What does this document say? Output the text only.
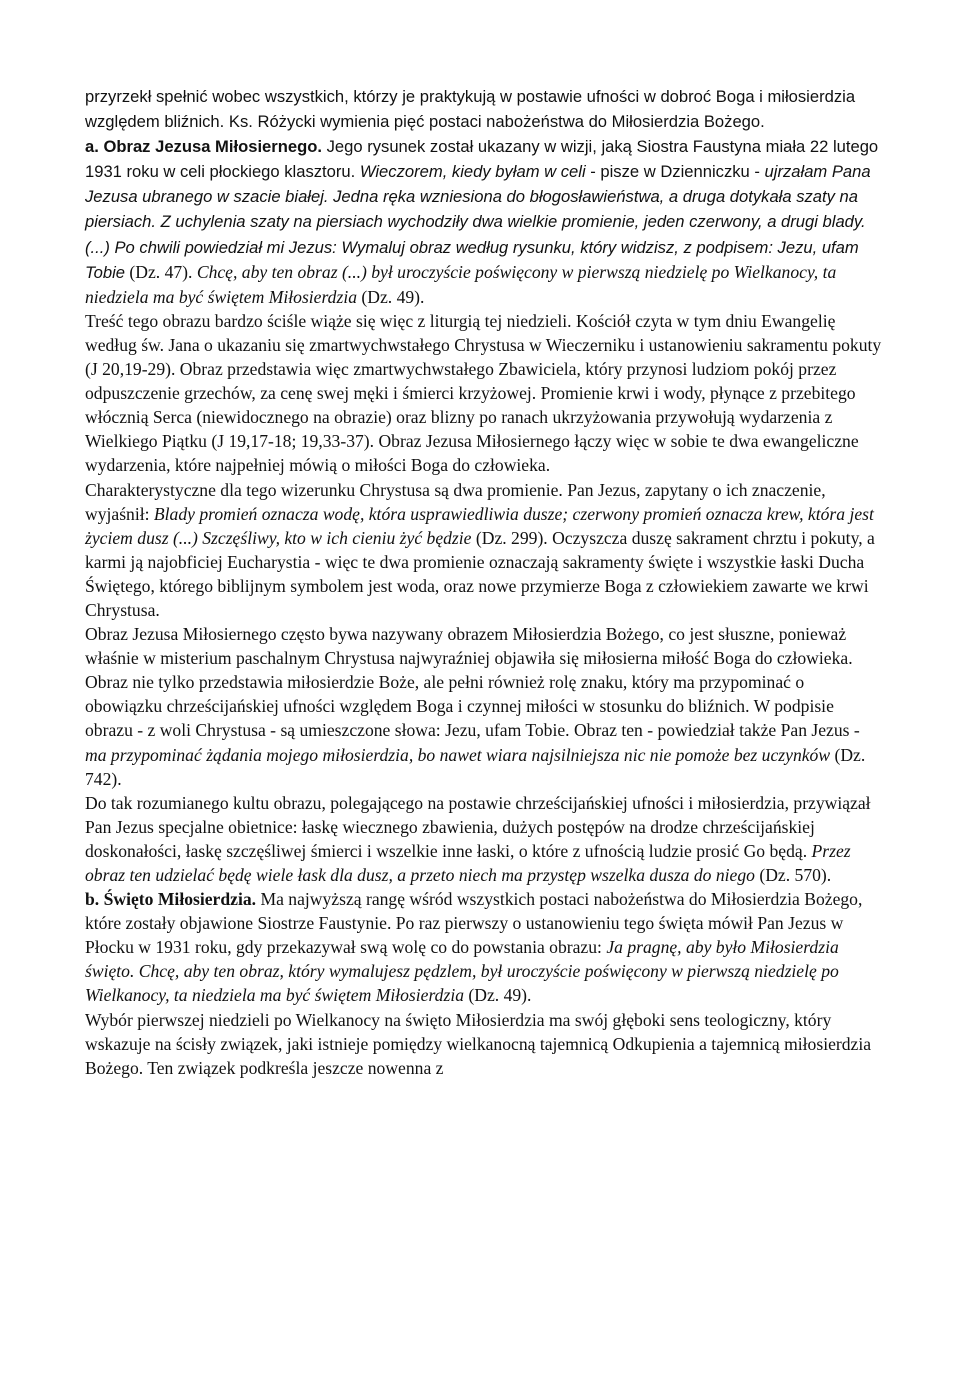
przyrzekł spełnić wobec wszystkich, którzy je praktykują w postawie ufności w dobroć Boga i miłosierdzia względem bliźnich. Ks. Różycki wymienia pięć postaci nabożeństwa do Miłosierdzia Bożego.

a. Obraz Jezusa Miłosiernego. Jego rysunek został ukazany w wizji, jaką Siostra Faustyna miała 22 lutego 1931 roku w celi płockiego klasztoru. Wieczorem, kiedy byłam w celi - pisze w Dzienniczku - ujrzałam Pana Jezusa ubranego w szacie białej. Jedna ręka wzniesiona do błogosławieństwa, a druga dotykała szaty na piersiach. Z uchylenia szaty na piersiach wychodziły dwa wielkie promienie, jeden czerwony, a drugi blady. (...) Po chwili powiedział mi Jezus: Wymaluj obraz według rysunku, który widzisz, z podpisem: Jezu, ufam Tobie (Dz. 47). Chcę, aby ten obraz (...) był uroczyście poświęcony w pierwszą niedzielę po Wielkanocy, ta niedziela ma być świętem Miłosierdzia (Dz. 49).

Treść tego obrazu bardzo ściśle wiąże się więc z liturgią tej niedzieli. Kościół czyta w tym dniu Ewangelię według św. Jana o ukazaniu się zmartwychwstałego Chrystusa w Wieczerniku i ustanowieniu sakramentu pokuty (J 20,19-29). Obraz przedstawia więc zmartwychwstałego Zbawiciela, który przynosi ludziom pokój przez odpuszczenie grzechów, za cenę swej męki i śmierci krzyżowej. Promienie krwi i wody, płynące z przebitego włócznią Serca (niewidocznego na obrazie) oraz blizny po ranach ukrzyżowania przywołują wydarzenia z Wielkiego Piątku (J 19,17-18; 19,33-37). Obraz Jezusa Miłosiernego łączy więc w sobie te dwa ewangeliczne wydarzenia, które najpełniej mówią o miłości Boga do człowieka.

Charakterystyczne dla tego wizerunku Chrystusa są dwa promienie. Pan Jezus, zapytany o ich znaczenie, wyjaśnił: Blady promień oznacza wodę, która usprawiedliwia dusze; czerwony promień oznacza krew, która jest życiem dusz (...) Szczęśliwy, kto w ich cieniu żyć będzie (Dz. 299). Oczyszcza duszę sakrament chrztu i pokuty, a karmi ją najobficiej Eucharystia - więc te dwa promienie oznaczają sakramenty święte i wszystkie łaski Ducha Świętego, którego biblijnym symbolem jest woda, oraz nowe przymierze Boga z człowiekiem zawarte we krwi Chrystusa.

Obraz Jezusa Miłosiernego często bywa nazywany obrazem Miłosierdzia Bożego, co jest słuszne, ponieważ właśnie w misterium paschalnym Chrystusa najwyraźniej objawiła się miłosierna miłość Boga do człowieka.

Obraz nie tylko przedstawia miłosierdzie Boże, ale pełni również rolę znaku, który ma przypominać o obowiązku chrześcijańskiej ufności względem Boga i czynnej miłości w stosunku do bliźnich. W podpisie obrazu - z woli Chrystusa - są umieszczone słowa: Jezu, ufam Tobie. Obraz ten - powiedział także Pan Jezus - ma przypominać żądania mojego miłosierdzia, bo nawet wiara najsilniejsza nic nie pomoże bez uczynków (Dz. 742).

Do tak rozumianego kultu obrazu, polegającego na postawie chrześcijańskiej ufności i miłosierdzia, przywiązał Pan Jezus specjalne obietnice: łaskę wiecznego zbawienia, dużych postępów na drodze chrześcijańskiej doskonałości, łaskę szczęśliwej śmierci i wszelkie inne łaski, o które z ufnością ludzie prosić Go będą. Przez obraz ten udzielać będę wiele łask dla dusz, a przeto niech ma przystęp wszelka dusza do niego (Dz. 570).

b. Święto Miłosierdzia. Ma najwyższą rangę wśród wszystkich postaci nabożeństwa do Miłosierdzia Bożego, które zostały objawione Siostrze Faustynie. Po raz pierwszy o ustanowieniu tego święta mówił Pan Jezus w Płocku w 1931 roku, gdy przekazywał swą wolę co do powstania obrazu: Ja pragnę, aby było Miłosierdzia święto. Chcę, aby ten obraz, który wymalujesz pędzlem, był uroczyście poświęcony w pierwszą niedzielę po Wielkanocy, ta niedziela ma być świętem Miłosierdzia (Dz. 49).

Wybór pierwszej niedzieli po Wielkanocy na święto Miłosierdzia ma swój głęboki sens teologiczny, który wskazuje na ścisły związek, jaki istnieje pomiędzy wielkanocną tajemnicą Odkupienia a tajemnicą miłosierdzia Bożego. Ten związek podkreśla jeszcze nowenna z
